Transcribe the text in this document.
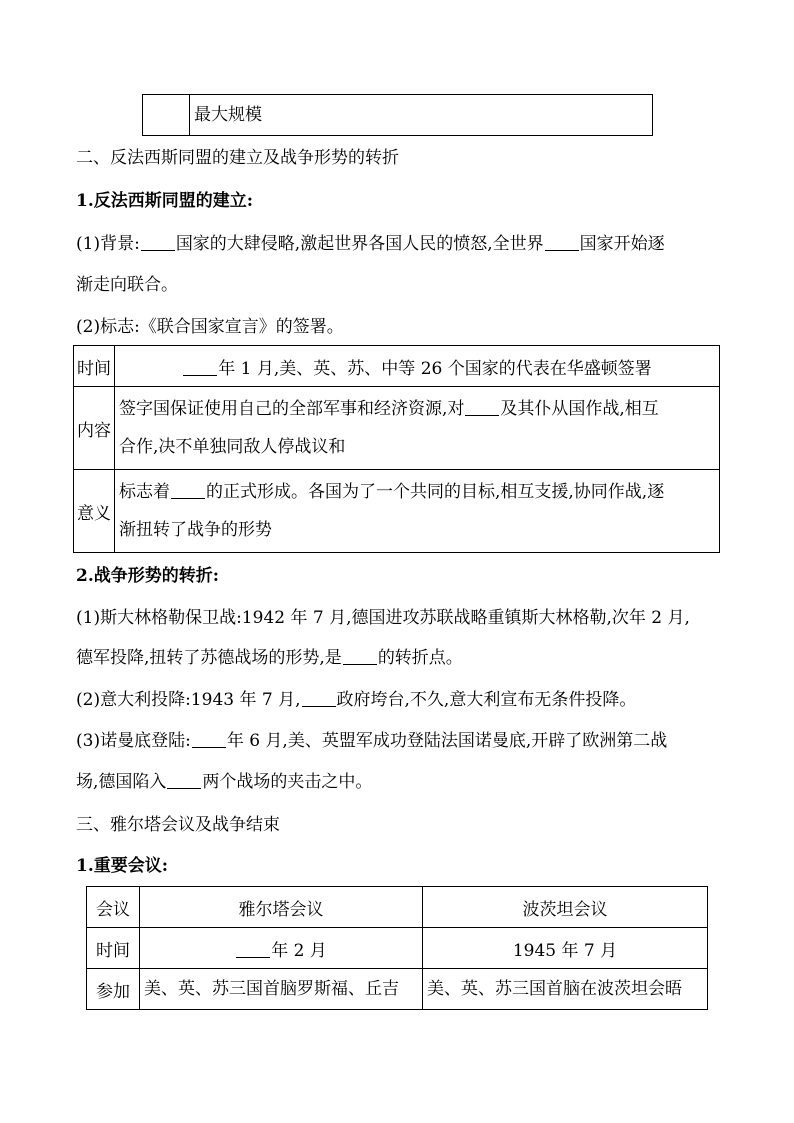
	最大规模
二、反法西斯同盟的建立及战争形势的转折
1.反法西斯同盟的建立:
(1)背景: 国家的大肆侵略,激起世界各国人民的愤怒,全世界 国家开始逐
渐走向联合。
(2)标志:《联合国家宣言》的签署。
时间	年 1 月,美、英、苏、中等 26 个国家的代表在华盛顿签署
内容	签字国保证使用自己的全部军事和经济资源,对 及其仆从国作战,相互
合作,决不单独同敌人停战议和

意义	标志着 的正式形成。各国为了一个共同的目标,相互支援,协同作战,逐
渐扭转了战争的形势
2.战争形势的转折:
(1)斯大林格勒保卫战:1942 年 7 月,德国进攻苏联战略重镇斯大林格勒,次年 2 月,
德军投降,扭转了苏德战场的形势,是 的转折点。
(2)意大利投降:1943 年 7 月, 政府垮台,不久,意大利宣布无条件投降。
(3)诺曼底登陆: 年 6 月,美、英盟军成功登陆法国诺曼底,开辟了欧洲第二战
场,德国陷入 两个战场的夹击之中。
三、雅尔塔会议及战争结束
1.重要会议:
会议	雅尔塔会议	波茨坦会议
时间	年 2 月	1945 年 7 月
参加	美、英、苏三国首脑罗斯福、丘吉	美、英、苏三国首脑在波茨坦会晤
